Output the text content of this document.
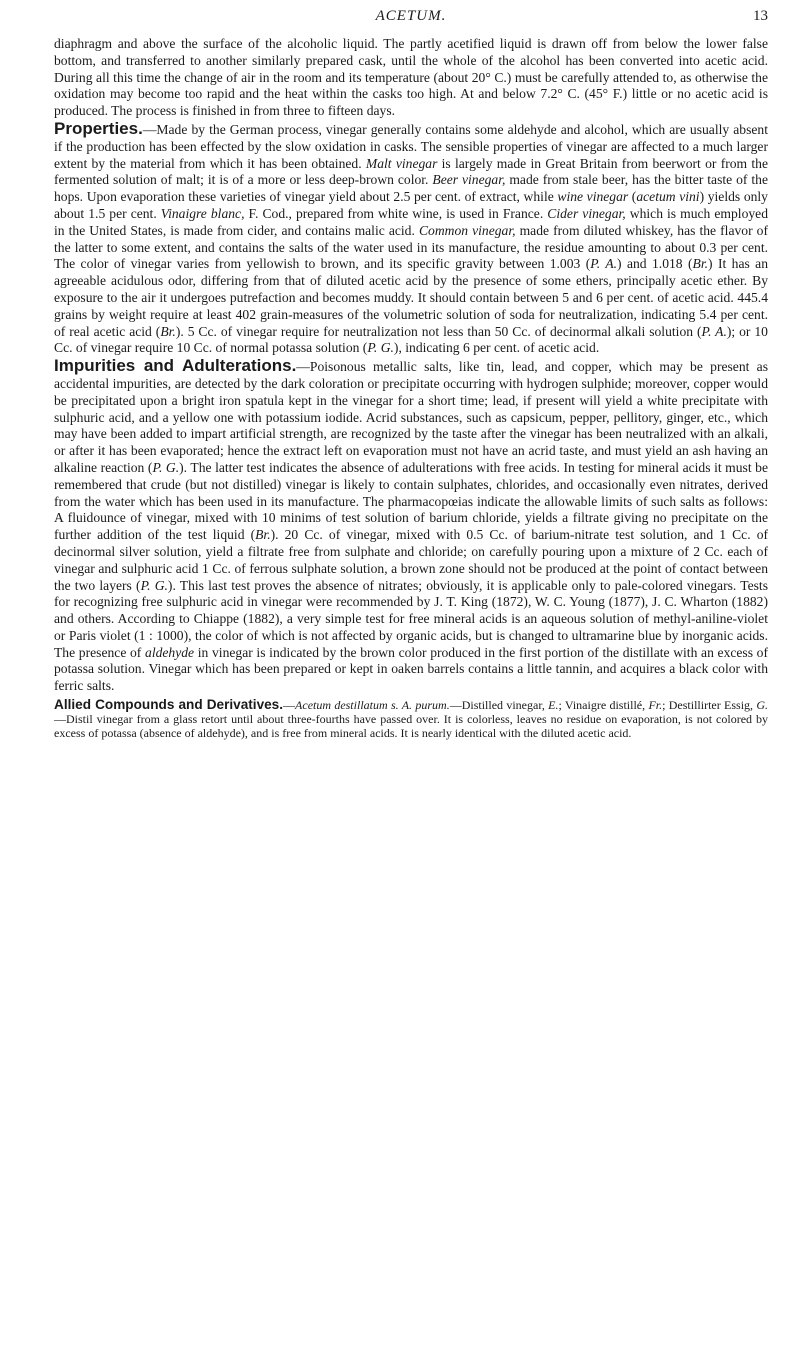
ACETUM.	13

diaphragm and above the surface of the alcoholic liquid. The partly acetified liquid is drawn off from below the lower false bottom, and transferred to another similarly prepared cask, until the whole of the alcohol has been converted into acetic acid. During all this time the change of air in the room and its temperature (about 20° C.) must be carefully attended to, as otherwise the oxidation may become too rapid and the heat within the casks too high. At and below 7.2° C. (45° F.) little or no acetic acid is produced. The process is finished in from three to fifteen days.

Properties.—Made by the German process, vinegar generally contains some aldehyde and alcohol, which are usually absent if the production has been effected by the slow oxidation in casks. The sensible properties of vinegar are affected to a much larger extent by the material from which it has been obtained. Malt vinegar is largely made in Great Britain from beerwort or from the fermented solution of malt; it is of a more or less deep-brown color. Beer vinegar, made from stale beer, has the bitter taste of the hops. Upon evaporation these varieties of vinegar yield about 2.5 per cent. of extract, while wine vinegar (acetum vini) yields only about 1.5 per cent. Vinaigre blanc, F. Cod., prepared from white wine, is used in France. Cider vinegar, which is much employed in the United States, is made from cider, and contains malic acid. Common vinegar, made from diluted whiskey, has the flavor of the latter to some extent, and contains the salts of the water used in its manufacture, the residue amounting to about 0.3 per cent. The color of vinegar varies from yellowish to brown, and its specific gravity between 1.003 (P. A.) and 1.018 (Br.) It has an agreeable acidulous odor, differing from that of diluted acetic acid by the presence of some ethers, principally acetic ether. By exposure to the air it undergoes putrefaction and becomes muddy. It should contain between 5 and 6 per cent. of acetic acid. 445.4 grains by weight require at least 402 grain-measures of the volumetric solution of soda for neutralization, indicating 5.4 per cent. of real acetic acid (Br.). 5 Cc. of vinegar require for neutralization not less than 50 Cc. of decinormal alkali solution (P. A.); or 10 Cc. of vinegar require 10 Cc. of normal potassa solution (P. G.), indicating 6 per cent. of acetic acid.

Impurities and Adulterations.—Poisonous metallic salts, like tin, lead, and copper, which may be present as accidental impurities, are detected by the dark coloration or precipitate occurring with hydrogen sulphide; moreover, copper would be precipitated upon a bright iron spatula kept in the vinegar for a short time; lead, if present will yield a white precipitate with sulphuric acid, and a yellow one with potassium iodide. Acrid substances, such as capsicum, pepper, pellitory, ginger, etc., which may have been added to impart artificial strength, are recognized by the taste after the vinegar has been neutralized with an alkali, or after it has been evaporated; hence the extract left on evaporation must not have an acrid taste, and must yield an ash having an alkaline reaction (P. G.). The latter test indicates the absence of adulterations with free acids. In testing for mineral acids it must be remembered that crude (but not distilled) vinegar is likely to contain sulphates, chlorides, and occasionally even nitrates, derived from the water which has been used in its manufacture. The pharmacopœias indicate the allowable limits of such salts as follows: A fluidounce of vinegar, mixed with 10 minims of test solution of barium chloride, yields a filtrate giving no precipitate on the further addition of the test liquid (Br.). 20 Cc. of vinegar, mixed with 0.5 Cc. of barium-nitrate test solution, and 1 Cc. of decinormal silver solution, yield a filtrate free from sulphate and chloride; on carefully pouring upon a mixture of 2 Cc. each of vinegar and sulphuric acid 1 Cc. of ferrous sulphate solution, a brown zone should not be produced at the point of contact between the two layers (P. G.). This last test proves the absence of nitrates; obviously, it is applicable only to pale-colored vinegars. Tests for recognizing free sulphuric acid in vinegar were recommended by J. T. King (1872), W. C. Young (1877), J. C. Wharton (1882) and others. According to Chiappe (1882), a very simple test for free mineral acids is an aqueous solution of methyl-aniline-violet or Paris violet (1 : 1000), the color of which is not affected by organic acids, but is changed to ultramarine blue by inorganic acids. The presence of aldehyde in vinegar is indicated by the brown color produced in the first portion of the distillate with an excess of potassa solution. Vinegar which has been prepared or kept in oaken barrels contains a little tannin, and acquires a black color with ferric salts.

Allied Compounds and Derivatives.—Acetum destillatum s. A. purum.—Distilled vinegar, E.; Vinaigre distillé, Fr.; Destillirter Essig, G.—Distil vinegar from a glass retort until about three-fourths have passed over. It is colorless, leaves no residue on evaporation, is not colored by excess of potassa (absence of aldehyde), and is free from mineral acids. It is nearly identical with the diluted acetic acid.
